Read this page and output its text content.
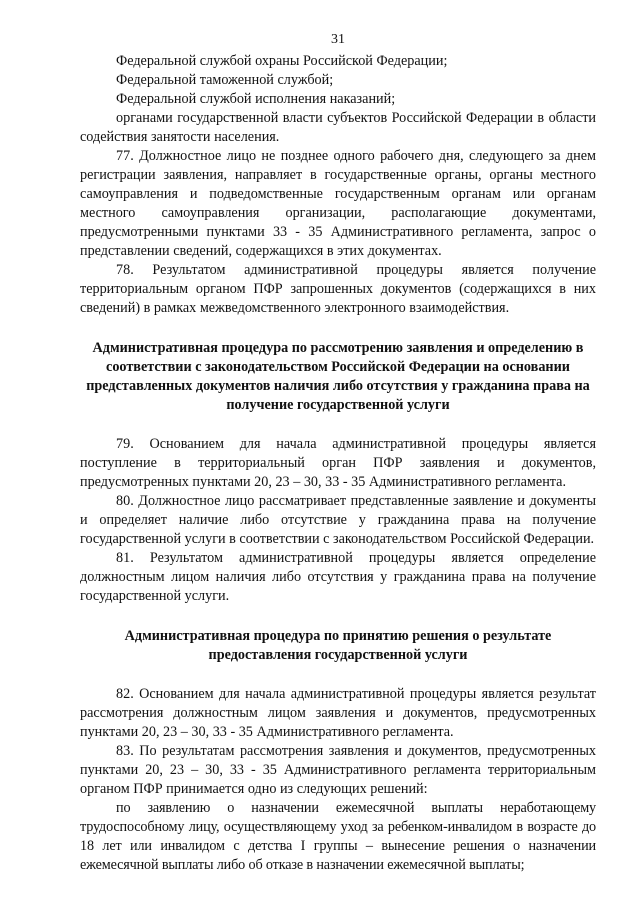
31

Федеральной службой охраны Российской Федерации;

Федеральной таможенной службой;

Федеральной службой исполнения наказаний;

органами государственной власти субъектов Российской Федерации в области содействия занятости населения.

77. Должностное лицо не позднее одного рабочего дня, следующего за днем регистрации заявления, направляет в государственные органы, органы местного самоуправления и подведомственные государственным органам или органам местного самоуправления организации, располагающие документами, предусмотренными пунктами 33 - 35 Административного регламента, запрос о представлении сведений, содержащихся в этих документах.

78. Результатом административной процедуры является получение территориальным органом ПФР запрошенных документов (содержащихся в них сведений) в рамках межведомственного электронного взаимодействия.

Административная процедура по рассмотрению заявления и определению в соответствии с законодательством Российской Федерации на основании представленных документов наличия либо отсутствия у гражданина права на получение государственной услуги

79. Основанием для начала административной процедуры является поступление в территориальный орган ПФР заявления и документов, предусмотренных пунктами 20, 23 – 30, 33 - 35 Административного регламента.

80. Должностное лицо рассматривает представленные заявление и документы и определяет наличие либо отсутствие у гражданина права на получение государственной услуги в соответствии с законодательством Российской Федерации.

81. Результатом административной процедуры является определение должностным лицом наличия либо отсутствия у гражданина права на получение государственной услуги.

Административная процедура по принятию решения о результате предоставления государственной услуги

82. Основанием для начала административной процедуры является результат рассмотрения должностным лицом заявления и документов, предусмотренных пунктами 20, 23 – 30, 33 - 35 Административного регламента.

83. По результатам рассмотрения заявления и документов, предусмотренных пунктами 20, 23 – 30, 33 - 35 Административного регламента территориальным органом ПФР принимается одно из следующих решений:

по заявлению о назначении ежемесячной выплаты неработающему трудоспособному лицу, осуществляющему уход за ребенком-инвалидом в возрасте до 18 лет или инвалидом с детства I группы – вынесение решения о назначении ежемесячной выплаты либо об отказе в назначении ежемесячной выплаты;
